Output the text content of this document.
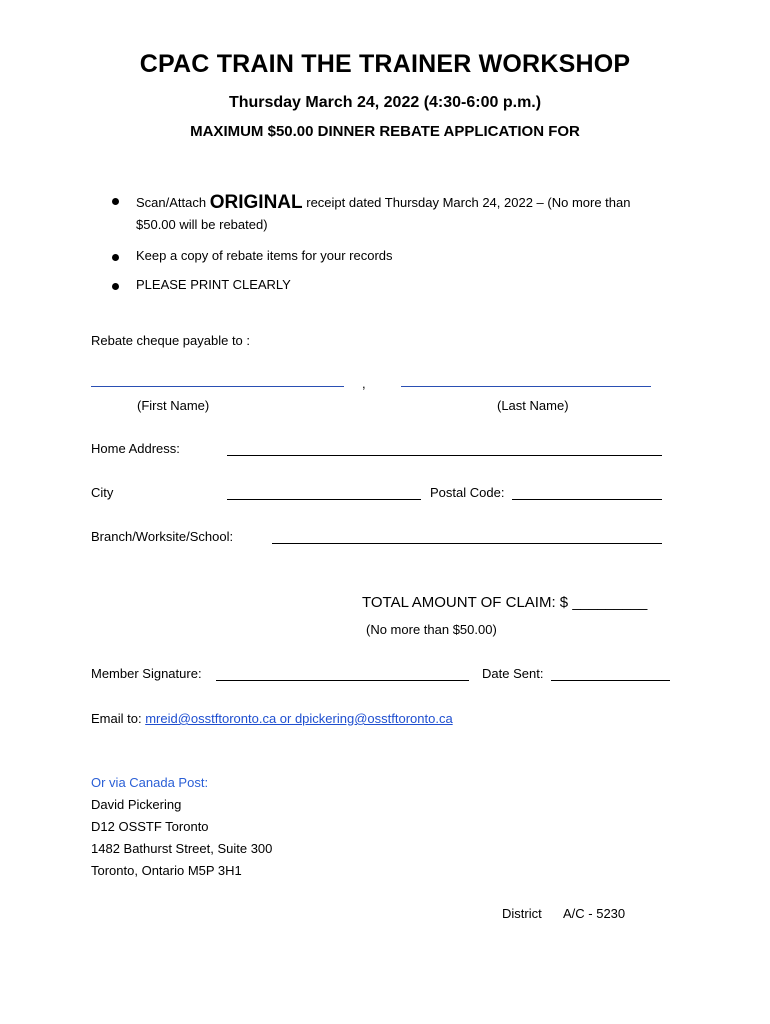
CPAC TRAIN THE TRAINER WORKSHOP
Thursday March 24, 2022 (4:30-6:00 p.m.)
MAXIMUM $50.00 DINNER REBATE APPLICATION FOR
Scan/Attach ORIGINAL receipt dated Thursday March 24, 2022 – (No more than
$50.00 will be rebated)
Keep a copy of rebate items for your records
PLEASE PRINT CLEARLY
Rebate cheque payable to :
,
(First Name)	(Last Name)
Home Address:
City	Postal Code:
Branch/Worksite/School:
TOTAL AMOUNT OF CLAIM: $ _________
(No more than $50.00)
Member Signature:	Date Sent:
Email to: mreid@osstftoronto.ca or dpickering@osstftoronto.ca
Or via Canada Post:
David Pickering
D12 OSSTF Toronto
1482 Bathurst Street, Suite 300
Toronto, Ontario M5P 3H1
District A/C - 5230
